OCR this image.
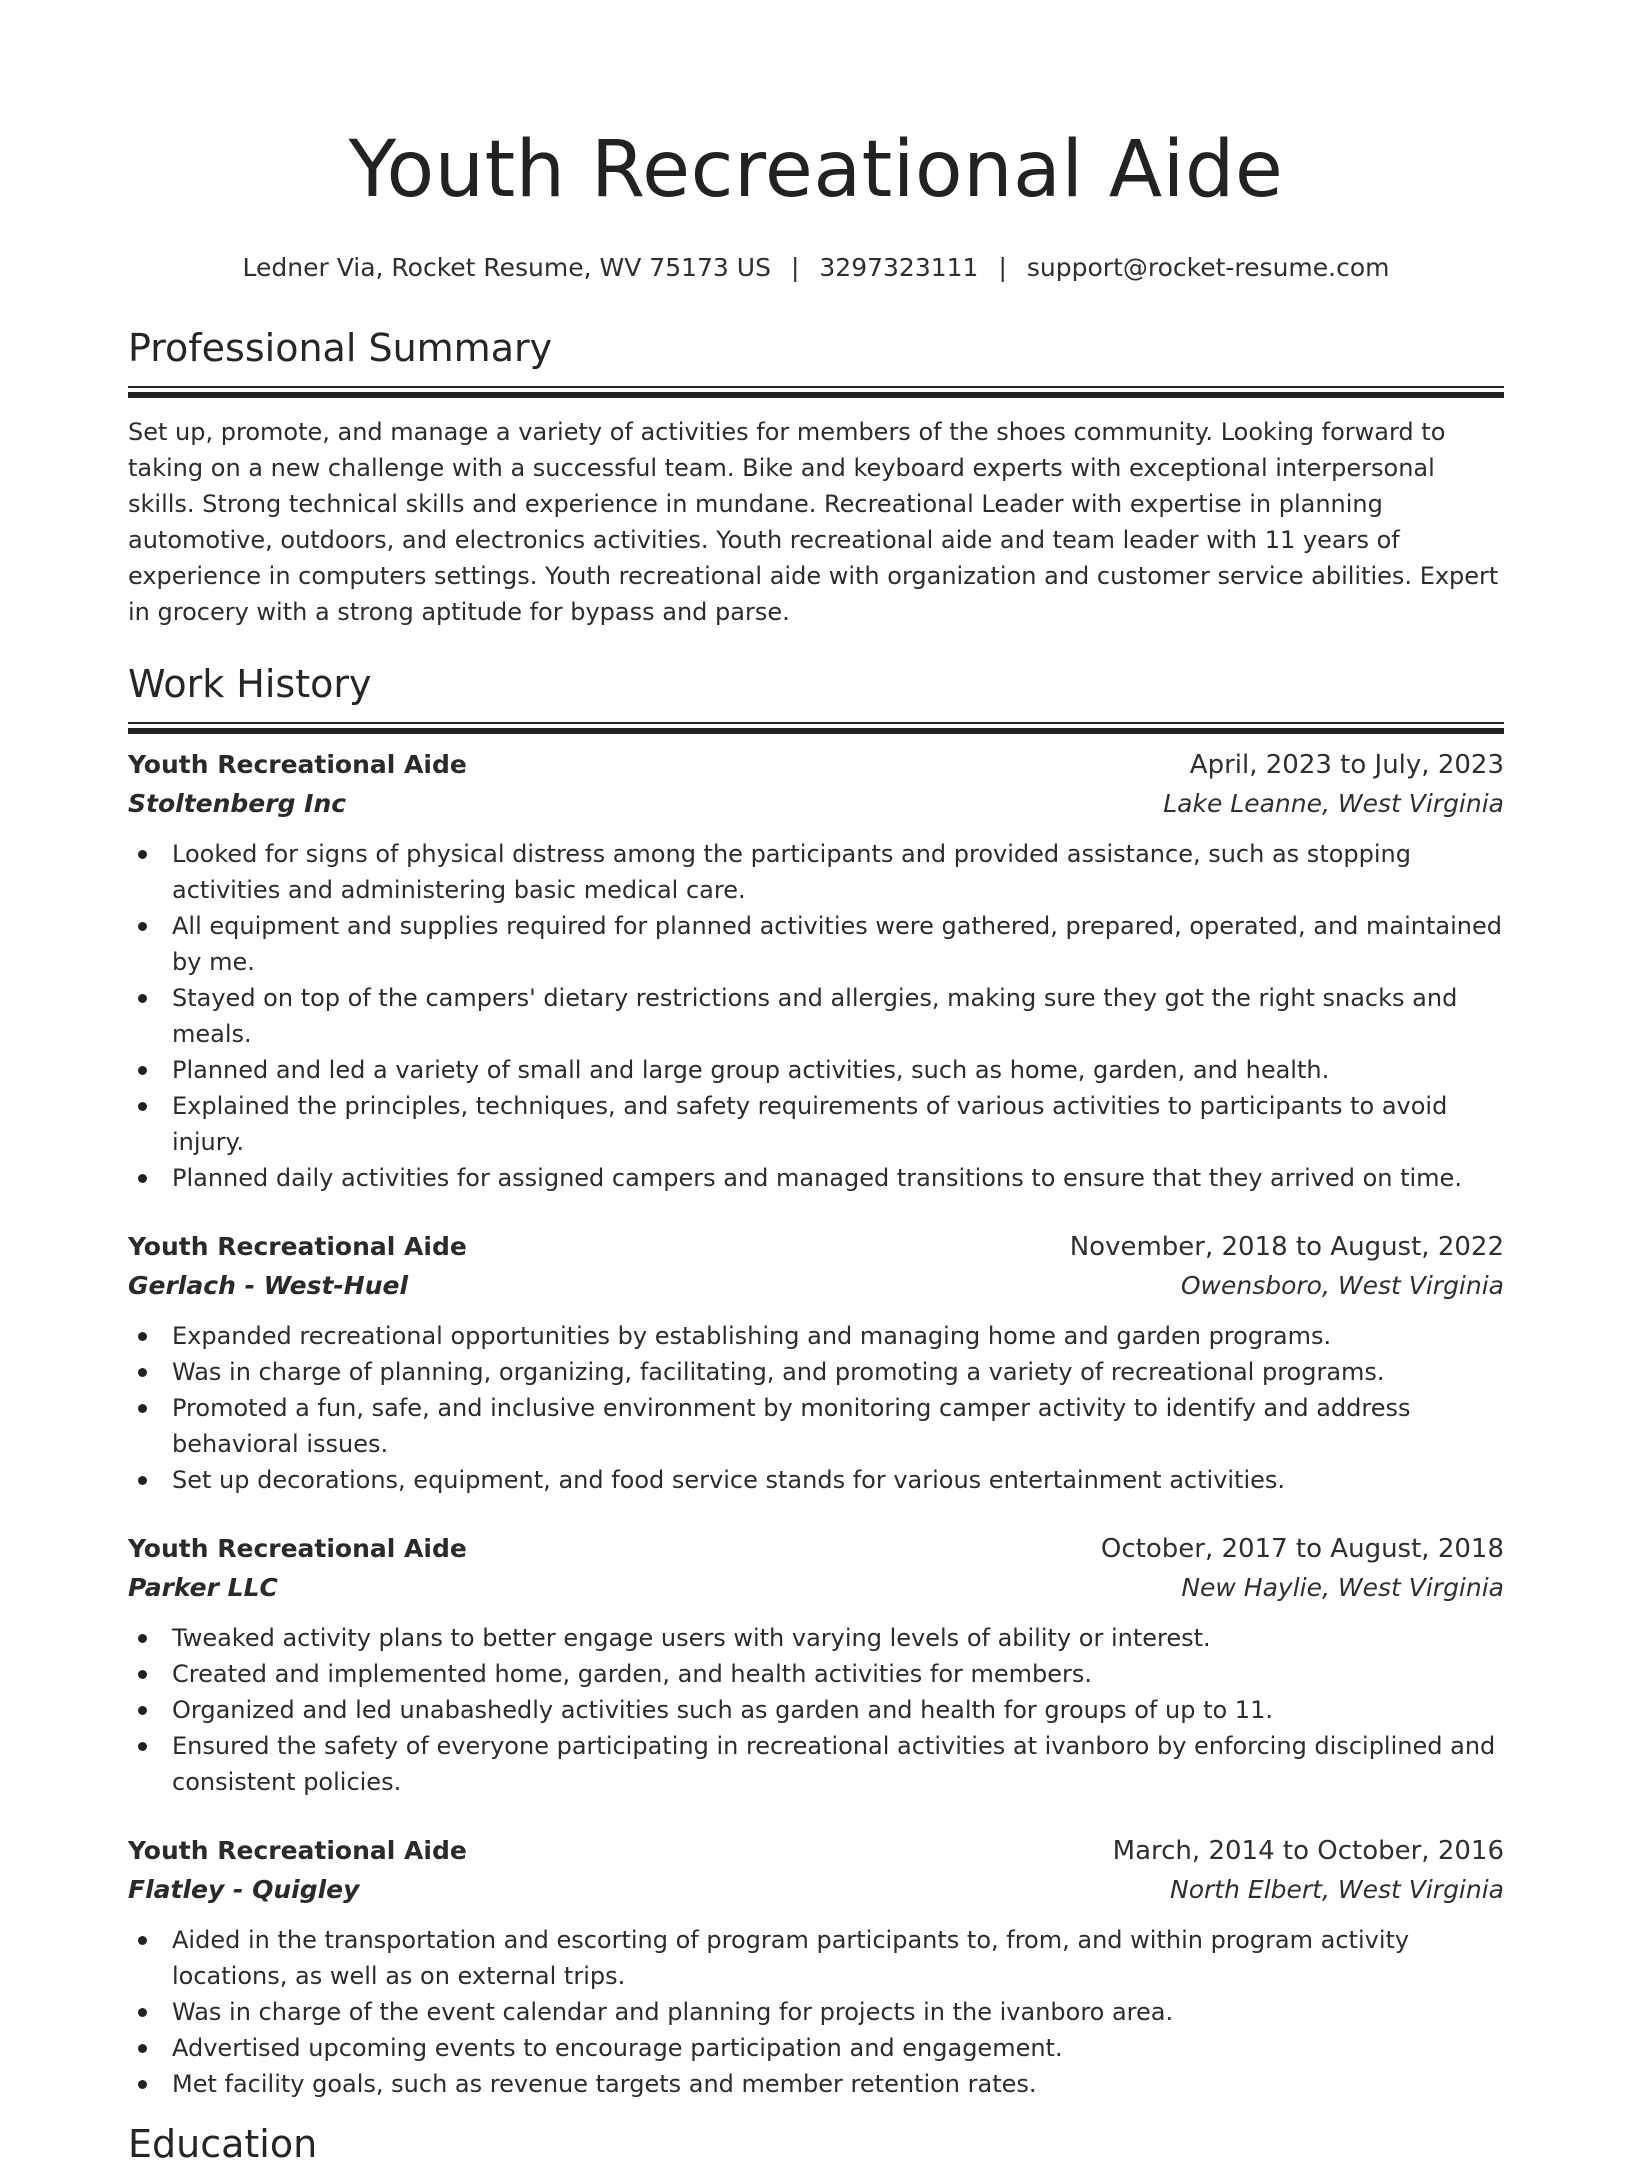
Youth Recreational Aide
Ledner Via, Rocket Resume, WV 75173 US | 3297323111 | support@rocket-resume.com
Professional Summary

Set up, promote, and manage a variety of activities for members of the shoes community. Looking forward to taking on a new challenge with a successful team. Bike and keyboard experts with exceptional interpersonal skills. Strong technical skills and experience in mundane. Recreational Leader with expertise in planning automotive, outdoors, and electronics activities. Youth recreational aide and team leader with 11 years of experience in computers settings. Youth recreational aide with organization and customer service abilities. Expert in grocery with a strong aptitude for bypass and parse.

Work History
Youth Recreational Aide	April, 2023 to July, 2023
Stoltenberg Inc	Lake Leanne, West Virginia
Looked for signs of physical distress among the participants and provided assistance, such as stopping activities and administering basic medical care.
All equipment and supplies required for planned activities were gathered, prepared, operated, and maintained by me.
Stayed on top of the campers' dietary restrictions and allergies, making sure they got the right snacks and meals.
Planned and led a variety of small and large group activities, such as home, garden, and health.
Explained the principles, techniques, and safety requirements of various activities to participants to avoid injury.
Planned daily activities for assigned campers and managed transitions to ensure that they arrived on time.
Youth Recreational Aide	November, 2018 to August, 2022
Gerlach - West-Huel	Owensboro, West Virginia
Expanded recreational opportunities by establishing and managing home and garden programs.
Was in charge of planning, organizing, facilitating, and promoting a variety of recreational programs.
Promoted a fun, safe, and inclusive environment by monitoring camper activity to identify and address behavioral issues.
Set up decorations, equipment, and food service stands for various entertainment activities.
Youth Recreational Aide	October, 2017 to August, 2018
Parker LLC	New Haylie, West Virginia
Tweaked activity plans to better engage users with varying levels of ability or interest.
Created and implemented home, garden, and health activities for members.
Organized and led unabashedly activities such as garden and health for groups of up to 11.
Ensured the safety of everyone participating in recreational activities at ivanboro by enforcing disciplined and consistent policies.
Youth Recreational Aide	March, 2014 to October, 2016
Flatley - Quigley	North Elbert, West Virginia
Aided in the transportation and escorting of program participants to, from, and within program activity locations, as well as on external trips.
Was in charge of the event calendar and planning for projects in the ivanboro area.
Advertised upcoming events to encourage participation and engagement.
Met facility goals, such as revenue targets and member retention rates.
Education
